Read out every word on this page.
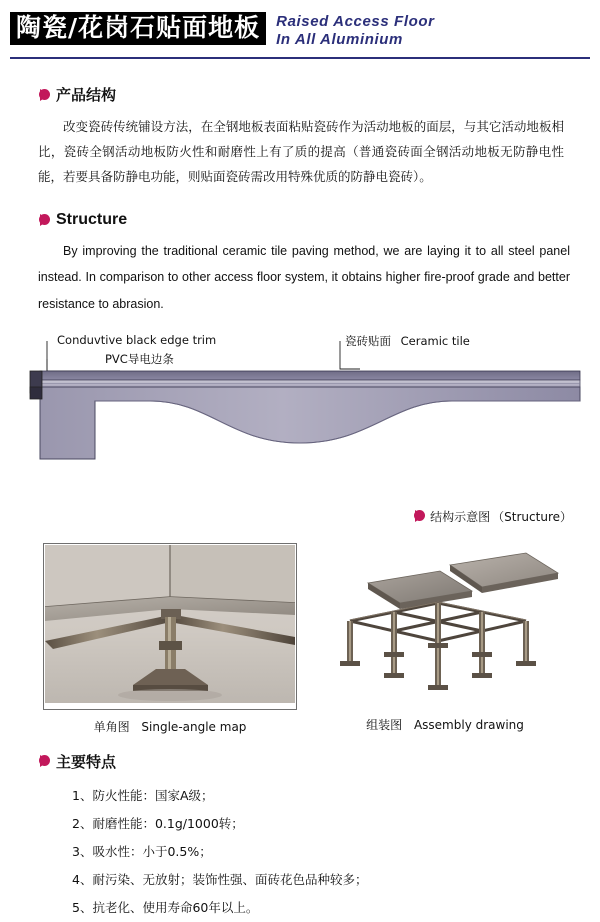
陶瓷/花岗石贴面地板	Raised Access Floor
In All Aluminium
产品结构

改变瓷砖传统铺设方法，在全钢地板表面粘贴瓷砖作为活动地板的面层，与其它活动地板相比，瓷砖全钢活动地板防火性和耐磨性上有了质的提高（普通瓷砖面全钢活动地板无防静电性能，若要具备防静电功能，则贴面瓷砖需改用特殊优质的防静电瓷砖）。

Structure

By improving the traditional ceramic tile paving method, we are laying it to all steel panel instead. In comparison to other access floor system, it obtains higher fire-proof grade and better resistance to abrasion.

Conduvtive black edge trim
PVC导电边条
瓷砖贴面 Ceramic tile
结构示意图 （Structure）
单角图 Single-angle map	组装图 Assembly drawing
主要特点
1、防火性能：国家A级；
2、耐磨性能：0.1g/1000转；
3、吸水性：小于0.5%；
4、耐污染、无放射；装饰性强、面砖花色品种较多；
5、抗老化、使用寿命60年以上。
